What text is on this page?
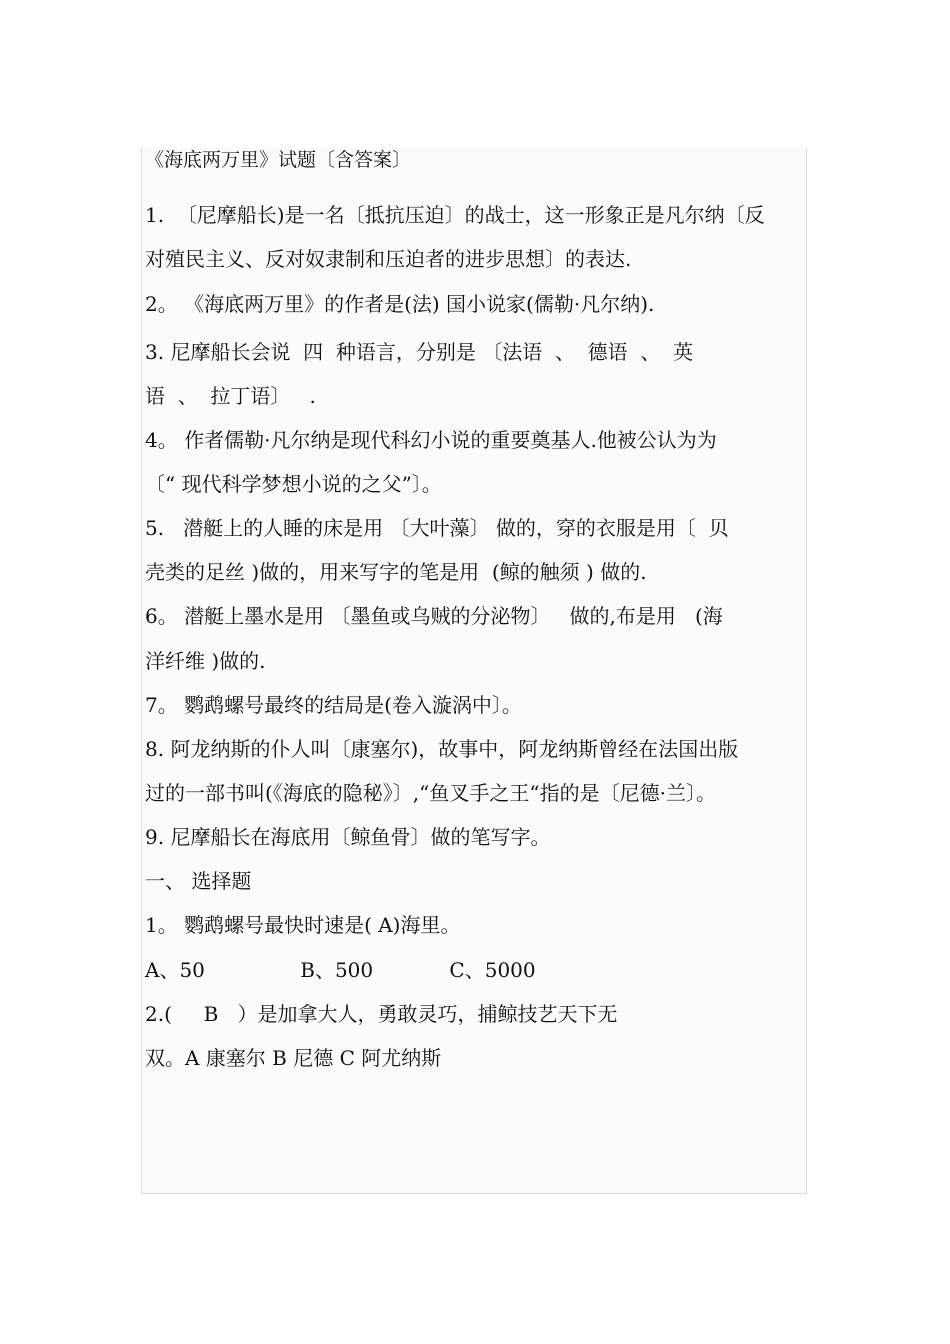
《海底两万里》试题〔含答案〕
1.  〔尼摩船长)是一名〔抵抗压迫〕的战士，这一形象正是凡尔纳〔反
对殖民主义、反对奴隶制和压迫者的进步思想〕的表达.
2。 《海底两万里》的作者是(法) 国小说家(儒勒·凡尔纳).
3. 尼摩船长会说  四  种语言，分别是 〔法语  、  德语  、  英
语  、  拉丁语〕   .
4。 作者儒勒·凡尔纳是现代科幻小说的重要奠基人.他被公认为为
〔“ 现代科学梦想小说的之父”〕。
5.   潜艇上的人睡的床是用 〔大叶藻〕 做的，穿的衣服是用〔  贝
壳类的足丝 )做的，用来写字的笔是用  (鲸的触须 ) 做的.
6。 潜艇上墨水是用 〔墨鱼或乌贼的分泌物〕   做的,布是用   (海
洋纤维 )做的.
7。 鹦鹉螺号最终的结局是(卷入漩涡中〕。
8. 阿龙纳斯的仆人叫〔康塞尔)，故事中，阿龙纳斯曾经在法国出版
过的一部书叫(《海底的隐秘》〕,“鱼叉手之王“指的是〔尼德·兰〕。
9. 尼摩船长在海底用〔鲸鱼骨〕做的笔写字。
一、 选择题
1。 鹦鹉螺号最快时速是( A)海里。
A、50               B、500            C、5000
2.(     B   ）是加拿大人，勇敢灵巧，捕鲸技艺天下无
双。A 康塞尔 B 尼德 C 阿尤纳斯
